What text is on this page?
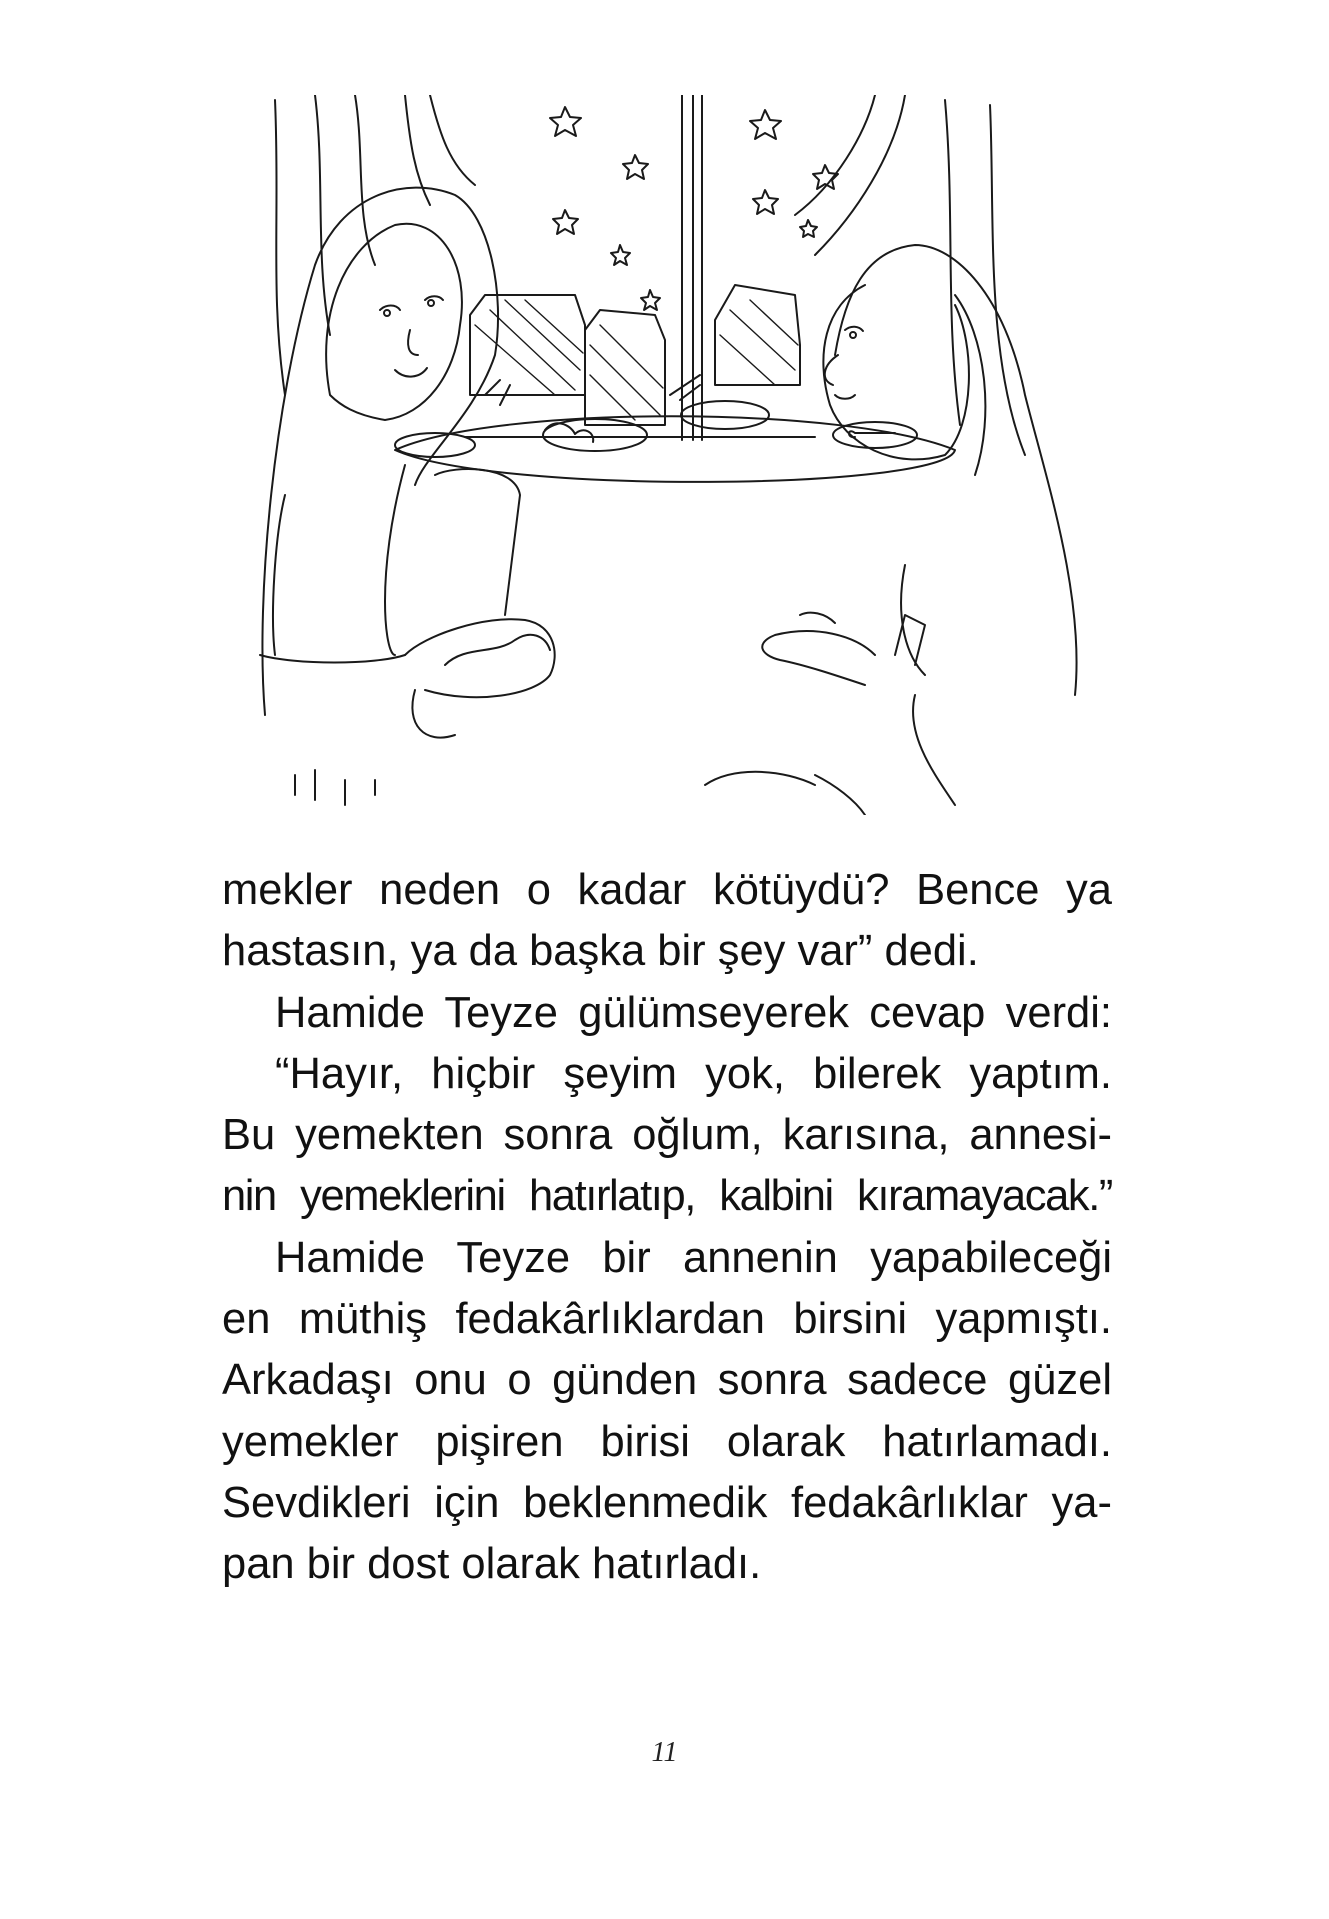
mekler neden o kadar kötüydü? Bence ya
hastasın, ya da başka bir şey var” dedi.
Hamide Teyze gülümseyerek cevap verdi:
“Hayır, hiçbir şeyim yok, bilerek yaptım.
Bu yemekten sonra oğlum, karısına, annesi-
nin yemeklerini hatırlatıp, kalbini kıramayacak.”
Hamide Teyze bir annenin yapabileceği
en müthiş fedakârlıklardan birsini yapmıştı.
Arkadaşı onu o günden sonra sadece güzel
yemekler pişiren birisi olarak hatırlamadı.
Sevdikleri için beklenmedik fedakârlıklar ya-
pan bir dost olarak hatırladı.
11
